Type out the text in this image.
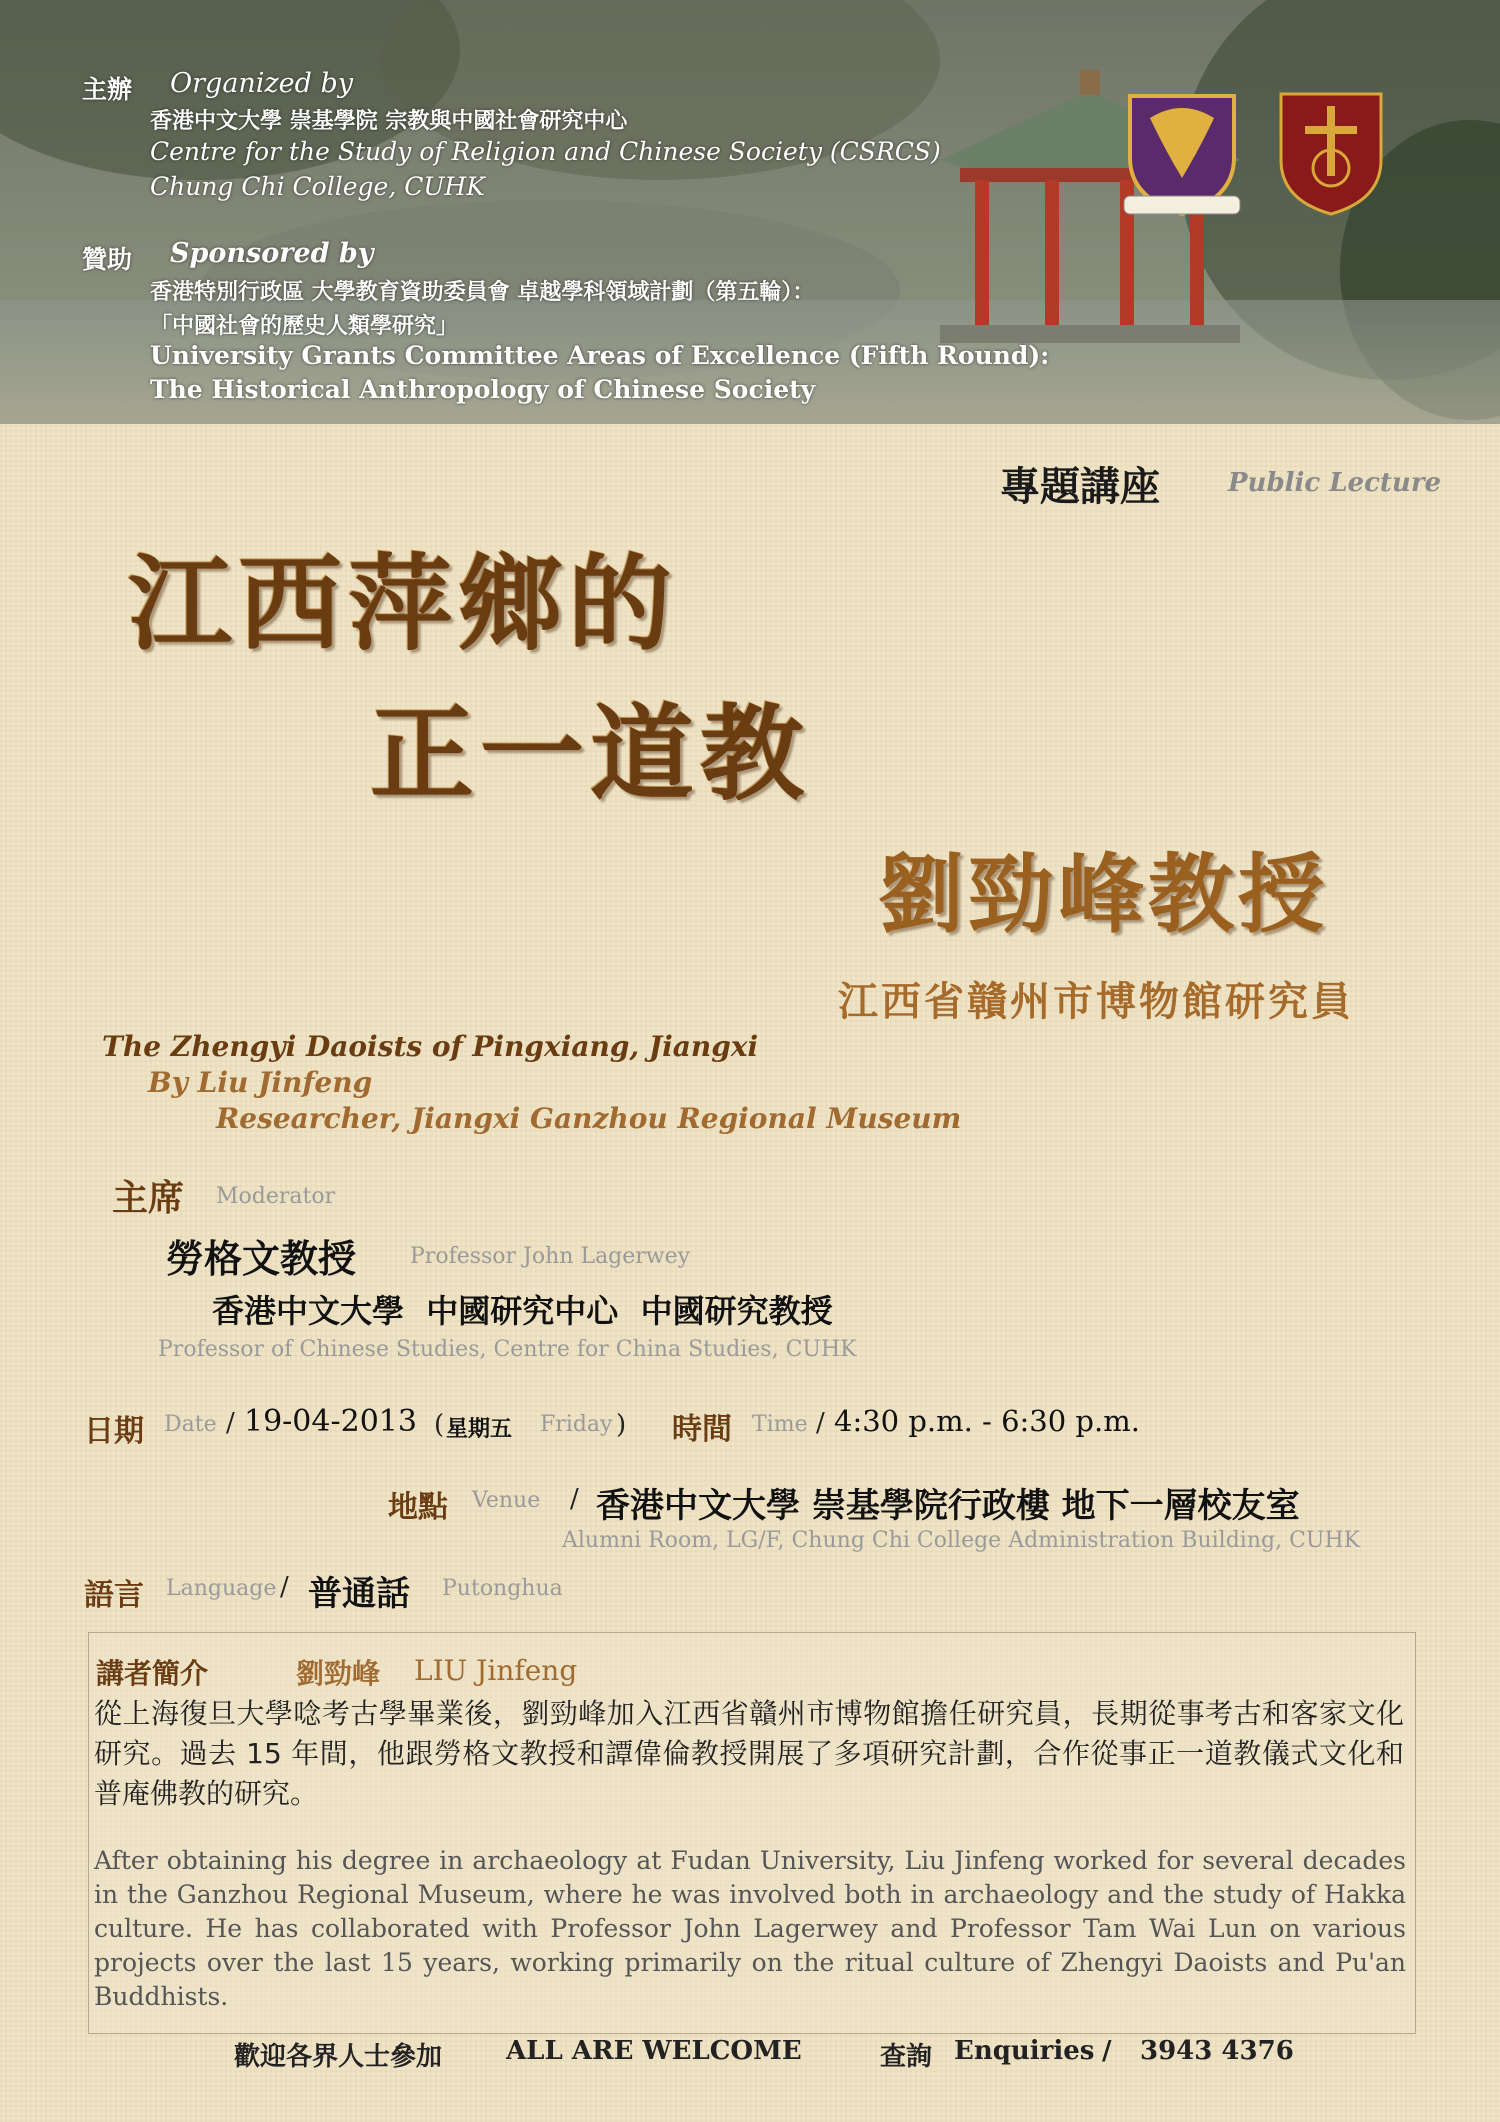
主辦 Organized by
香港中文大學 崇基學院 宗教與中國社會研究中心
Centre for the Study of Religion and Chinese Society (CSRCS)
Chung Chi College, CUHK
贊助 Sponsored by
香港特別行政區 大學教育資助委員會 卓越學科領域計劃（第五輪）：
「中國社會的歷史人類學研究」
University Grants Committee Areas of Excellence (Fifth Round):
The Historical Anthropology of Chinese Society
專題講座	Public Lecture
江西萍鄉的
正一道教
劉勁峰教授
江西省贛州市博物館研究員
The Zhengyi Daoists of Pingxiang, Jiangxi
By Liu Jinfeng
Researcher, Jiangxi Ganzhou Regional Museum
主席 Moderator
勞格文教授 Professor John Lagerwey
香港中文大學  中國研究中心  中國研究教授
Professor of Chinese Studies, Centre for China Studies, CUHK
日期 Date / 19-04-2013 ( 星期五 Friday ) 時間 Time / 4:30 p.m. - 6:30 p.m.
地點 Venue / 香港中文大學 崇基學院行政樓 地下一層校友室
Alumni Room, LG/F, Chung Chi College Administration Building, CUHK
語言 Language / 普通話 Putonghua
講者簡介	劉勁峰 LIU Jinfeng
從上海復旦大學唸考古學畢業後，劉勁峰加入江西省贛州市博物館擔任研究員，長期從事考古和客家文化研究。過去 15 年間，他跟勞格文教授和譚偉倫教授開展了多項研究計劃，合作從事正一道教儀式文化和普庵佛教的研究。
After obtaining his degree in archaeology at Fudan University, Liu Jinfeng worked for several decades in the Ganzhou Regional Museum, where he was involved both in archaeology and the study of Hakka culture. He has collaborated with Professor John Lagerwey and Professor Tam Wai Lun on various projects over the last 15 years, working primarily on the ritual culture of Zhengyi Daoists and Pu'an Buddhists.
歡迎各界人士參加 ALL ARE WELCOME	查詢 Enquiries / 3943 4376
